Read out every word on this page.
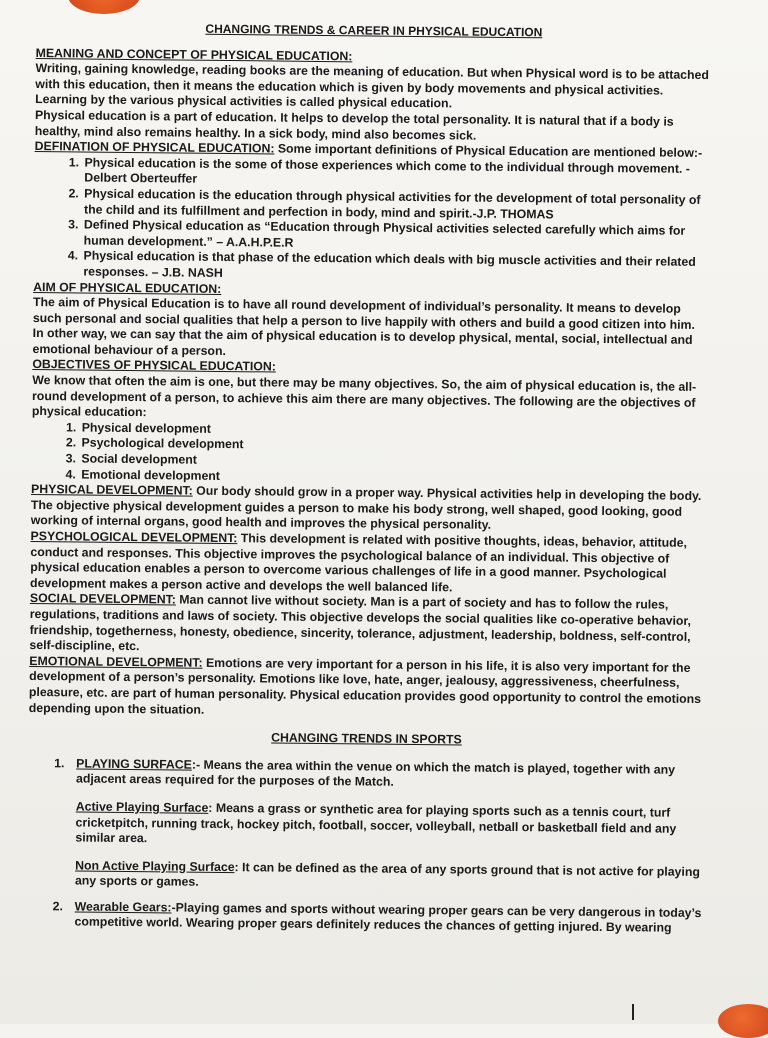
CHANGING TRENDS & CAREER IN PHYSICAL EDUCATION
MEANING AND CONCEPT OF PHYSICAL EDUCATION:

Writing, gaining knowledge, reading books are the meaning of education. But when Physical word is to be attached with this education, then it means the education which is given by body movements and physical activities. Learning by the various physical activities is called physical education.

Physical education is a part of education. It helps to develop the total personality. It is natural that if a body is healthy, mind also remains healthy. In a sick body, mind also becomes sick.

DEFINATION OF PHYSICAL EDUCATION: Some important definitions of Physical Education are mentioned below:-

1. Physical education is the some of those experiences which come to the individual through movement. - Delbert Oberteuffer
2. Physical education is the education through physical activities for the development of total personality of the child and its fulfillment and perfection in body, mind and spirit.-J.P. THOMAS
3. Defined Physical education as “Education through Physical activities selected carefully which aims for human development.” – A.A.H.P.E.R
4. Physical education is that phase of the education which deals with big muscle activities and their related responses. – J.B. NASH
AIM OF PHYSICAL EDUCATION:

The aim of Physical Education is to have all round development of individual’s personality. It means to develop such personal and social qualities that help a person to live happily with others and build a good citizen into him. In other way, we can say that the aim of physical education is to develop physical, mental, social, intellectual and emotional behaviour of a person.

OBJECTIVES OF PHYSICAL EDUCATION:

We know that often the aim is one, but there may be many objectives. So, the aim of physical education is, the all-round development of a person, to achieve this aim there are many objectives. The following are the objectives of physical education:

1. Physical development
2. Psychological development
3. Social development
4. Emotional development

PHYSICAL DEVELOPMENT: Our body should grow in a proper way. Physical activities help in developing the body. The objective physical development guides a person to make his body strong, well shaped, good looking, good working of internal organs, good health and improves the physical personality.

PSYCHOLOGICAL DEVELOPMENT: This development is related with positive thoughts, ideas, behavior, attitude, conduct and responses. This objective improves the psychological balance of an individual. This objective of physical education enables a person to overcome various challenges of life in a good manner. Psychological development makes a person active and develops the well balanced life.

SOCIAL DEVELOPMENT: Man cannot live without society. Man is a part of society and has to follow the rules, regulations, traditions and laws of society. This objective develops the social qualities like co-operative behavior, friendship, togetherness, honesty, obedience, sincerity, tolerance, adjustment, leadership, boldness, self-control, self-discipline, etc.

EMOTIONAL DEVELOPMENT: Emotions are very important for a person in his life, it is also very important for the development of a person’s personality. Emotions like love, hate, anger, jealousy, aggressiveness, cheerfulness, pleasure, etc. are part of human personality. Physical education provides good opportunity to control the emotions depending upon the situation.

CHANGING TRENDS IN SPORTS
1. PLAYING SURFACE:- Means the area within the venue on which the match is played, together with any adjacent areas required for the purposes of the Match.

Active Playing Surface: Means a grass or synthetic area for playing sports such as a tennis court, turf cricketpitch, running track, hockey pitch, football, soccer, volleyball, netball or basketball field and any similar area.

Non Active Playing Surface: It can be defined as the area of any sports ground that is not active for playing any sports or games.

2. Wearable Gears:-Playing games and sports without wearing proper gears can be very dangerous in today’s competitive world. Wearing proper gears definitely reduces the chances of getting injured. By wearing
